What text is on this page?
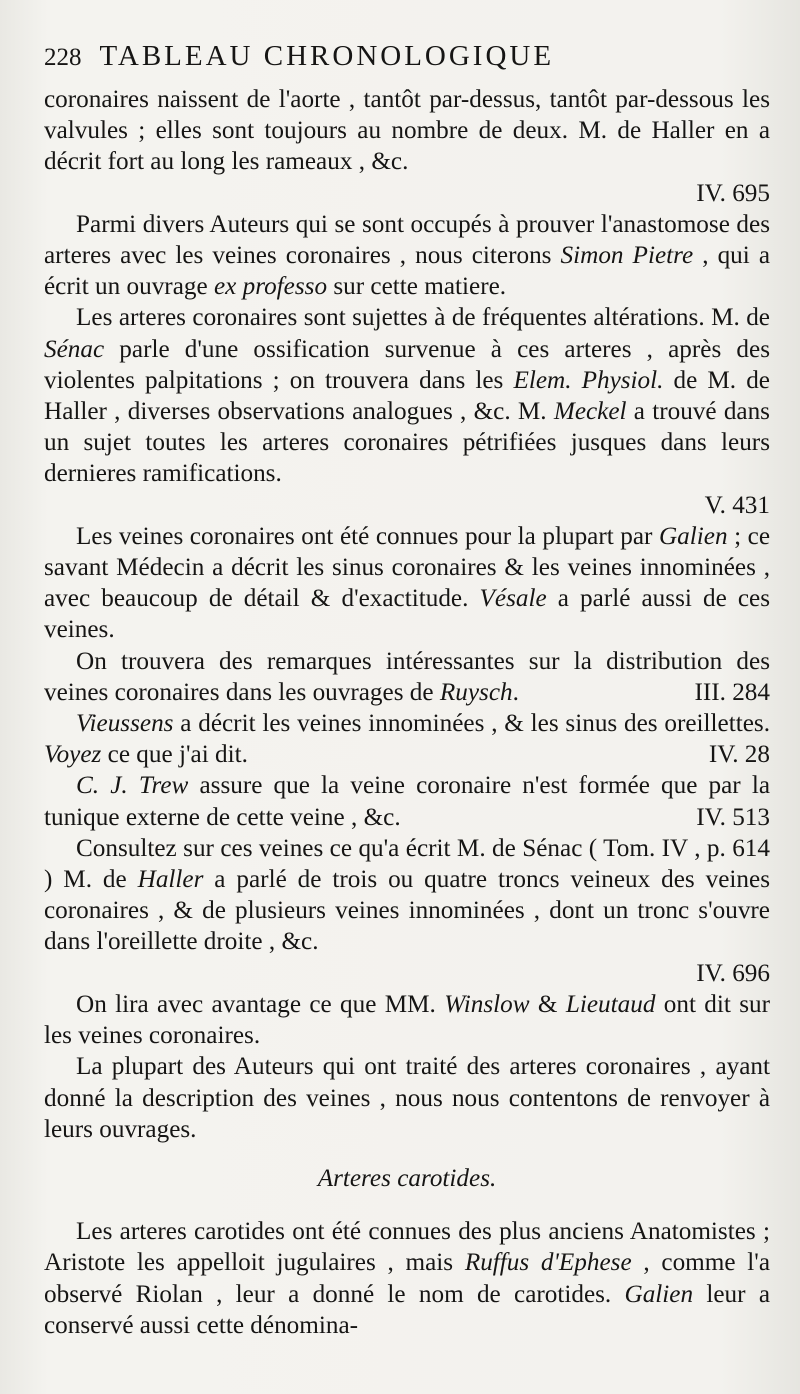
228 TABLEAU CHRONOLOGIQUE

coronaires naissent de l'aorte , tantôt par-dessus, tantôt par-dessous les valvules ; elles sont toujours au nombre de deux. M. de Haller en a décrit fort au long les rameaux , &c.

IV. 695

Parmi divers Auteurs qui se sont occupés à prouver l'anastomose des arteres avec les veines coronaires , nous citerons Simon Pietre , qui a écrit un ouvrage ex professo sur cette matiere.

Les arteres coronaires sont sujettes à de fréquentes altérations. M. de Sénac parle d'une ossification survenue à ces arteres , après des violentes palpitations ; on trouvera dans les Elem. Physiol. de M. de Haller , diverses observations analogues , &c. M. Meckel a trouvé dans un sujet toutes les arteres coronaires pétrifiées jusques dans leurs dernieres ramifications.

V. 431

Les veines coronaires ont été connues pour la plupart par Galien ; ce savant Médecin a décrit les sinus coronaires & les veines innominées , avec beaucoup de détail & d'exactitude. Vésale a parlé aussi de ces veines.

On trouvera des remarques intéressantes sur la distribution des veines coronaires dans les ouvrages de Ruysch.	III. 284

Vieussens a décrit les veines innominées , & les sinus des oreillettes. Voyez ce que j'ai dit.	IV. 28

C. J. Trew assure que la veine coronaire n'est formée que par la tunique externe de cette veine , &c.	IV. 513

Consultez sur ces veines ce qu'a écrit M. de Sénac ( Tom. IV , p. 614 ) M. de Haller a parlé de trois ou quatre troncs veineux des veines coronaires , & de plusieurs veines innominées , dont un tronc s'ouvre dans l'oreillette droite , &c.

IV. 696

On lira avec avantage ce que MM. Winslow & Lieutaud ont dit sur les veines coronaires.

La plupart des Auteurs qui ont traité des arteres coronaires , ayant donné la description des veines , nous nous contentons de renvoyer à leurs ouvrages.

Arteres carotides.

Les arteres carotides ont été connues des plus anciens Anatomistes ; Aristote les appelloit jugulaires , mais Ruffus d'Ephese , comme l'a observé Riolan , leur a donné le nom de carotides. Galien leur a conservé aussi cette dénomina-
